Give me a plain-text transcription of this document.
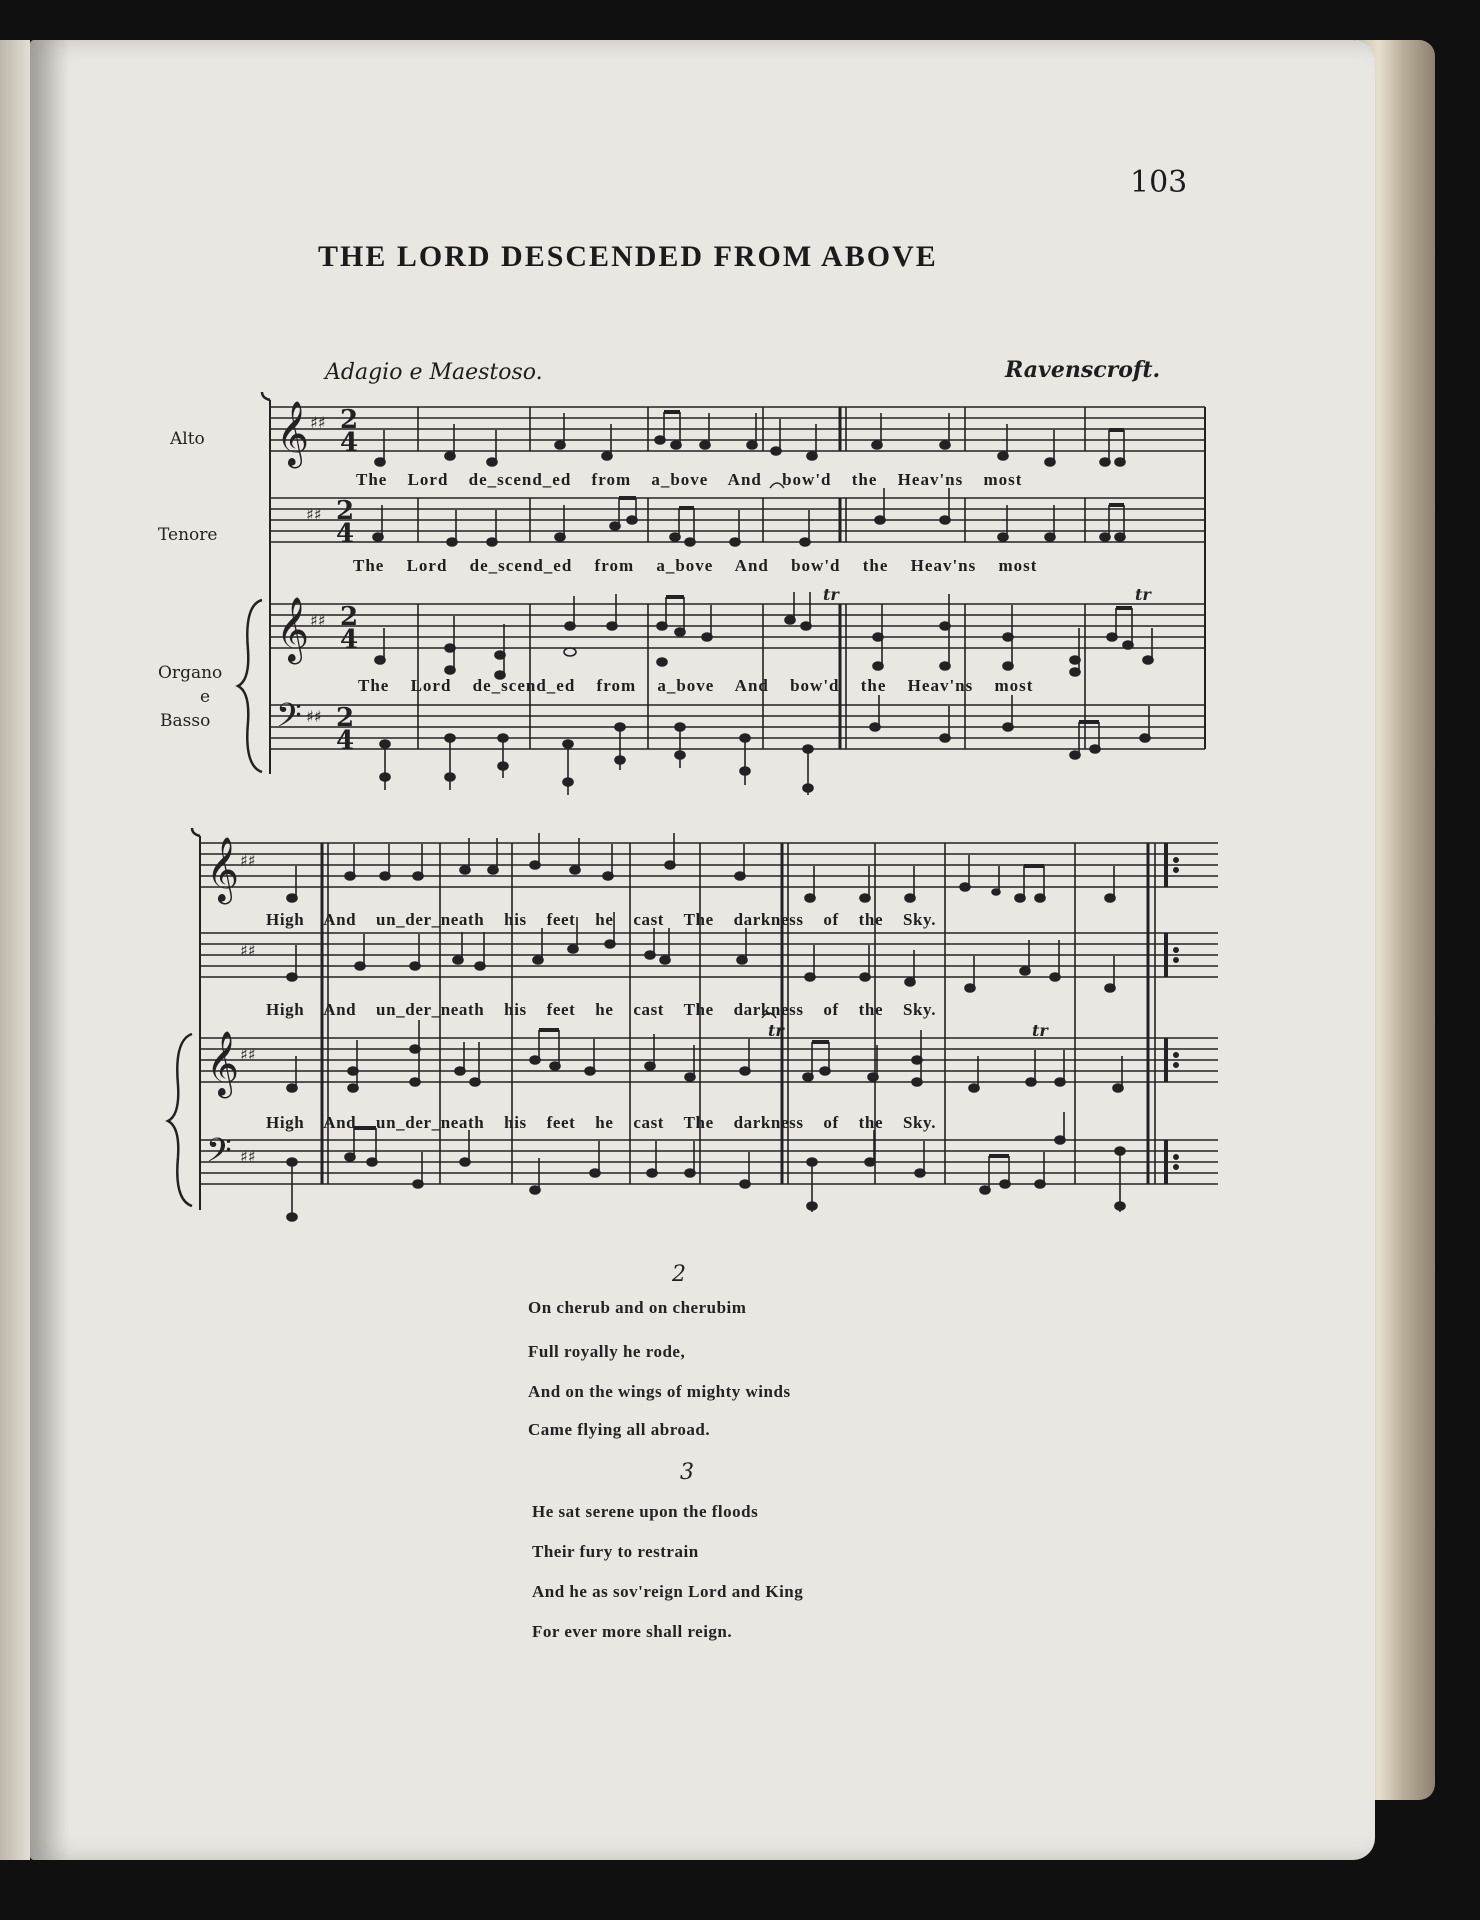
103
THE LORD DESCENDED FROM ABOVE
Adagio e Maestoso.	Ravenscroft.
Alto
Tenore
Organo
e
Basso
𝄞
𝄞
𝄞
𝄞
𝄢
𝄢
♯♯
♯♯
♯♯
♯♯
♯♯
♯♯
♯♯
♯♯
2
4
2
4
2
4
2
4
tr	tr
tr	tr
The Lord de_scend_ed from a_bove And bow'd the Heav'ns most
The Lord de_scend_ed from a_bove And bow'd the Heav'ns most
The Lord de_scend_ed from a_bove And bow'd the Heav'ns most
High And un_der_neath his feet he cast The darkness of the Sky.
High And un_der_neath his feet he cast The darkness of the Sky.
High And un_der_neath his feet he cast The darkness of the Sky.
2
On cherub and on cherubim
Full royally he rode,
And on the wings of mighty winds
Came flying all abroad.
3
He sat serene upon the floods
Their fury to restrain
And he as sov'reign Lord and King
For ever more shall reign.
